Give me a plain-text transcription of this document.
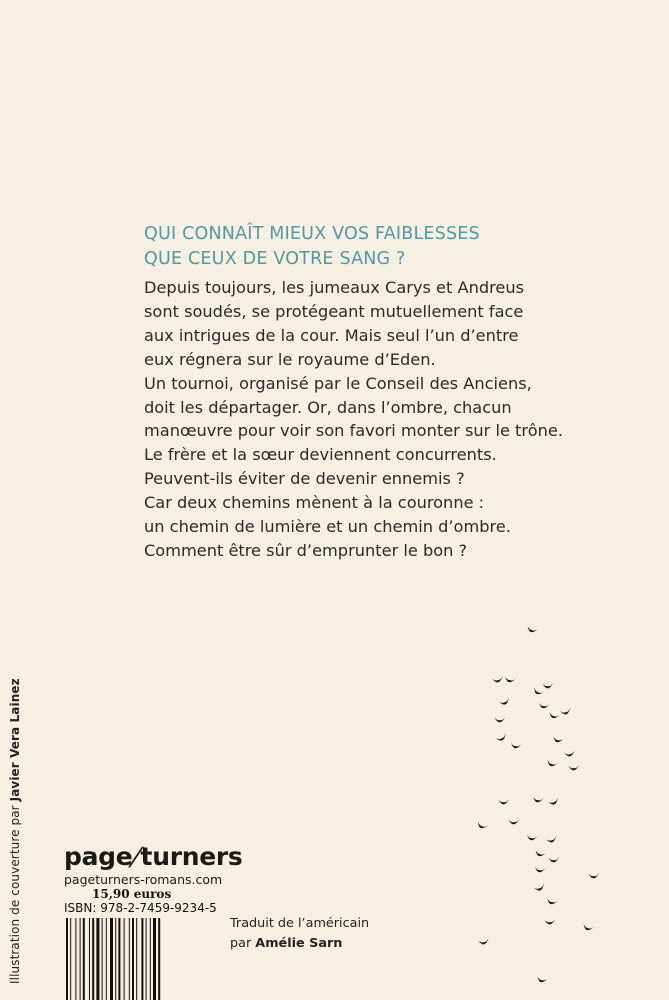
QUI CONNAÎT MIEUX VOS FAIBLESSES
QUE CEUX DE VOTRE SANG ?
Depuis toujours, les jumeaux Carys et Andreus
sont soudés, se protégeant mutuellement face
aux intrigues de la cour. Mais seul l’un d’entre
eux régnera sur le royaume d’Eden.
Un tournoi, organisé par le Conseil des Anciens,
doit les départager. Or, dans l’ombre, chacun
manœuvre pour voir son favori monter sur le trône.
Le frère et la sœur deviennent concurrents.
Peuvent-ils éviter de devenir ennemis ?
Car deux chemins mènent à la couronne :
un chemin de lumière et un chemin d’ombre.
Comment être sûr d’emprunter le bon ?
Illustration de couverture par Javier Vera Lainez
page/turners
pageturners-romans.com
15,90 euros
ISBN: 978-2-7459-9234-5
Traduit de l’américain
par Amélie Sarn
